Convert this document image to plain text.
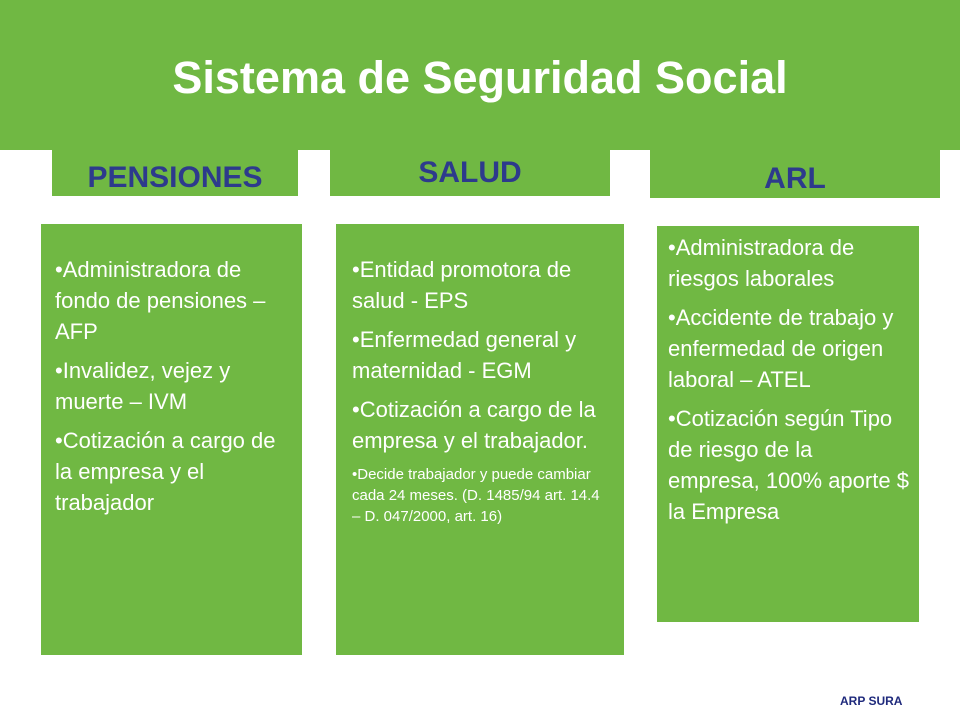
Sistema de Seguridad Social
PENSIONES	SALUD	ARL
•Administradora de fondo de pensiones – AFP
•Invalidez, vejez y muerte – IVM
•Cotización a cargo de la empresa y el trabajador
•Entidad promotora de salud - EPS
•Enfermedad general y maternidad - EGM
•Cotización a cargo de la empresa y el trabajador.
•Decide trabajador y puede cambiar cada 24 meses. (D. 1485/94 art. 14.4 – D. 047/2000, art. 16)
•Administradora de riesgos laborales
•Accidente de trabajo y enfermedad de origen laboral – ATEL
•Cotización según Tipo de riesgo de la empresa, 100% aporte $ la Empresa
ARP SURA
